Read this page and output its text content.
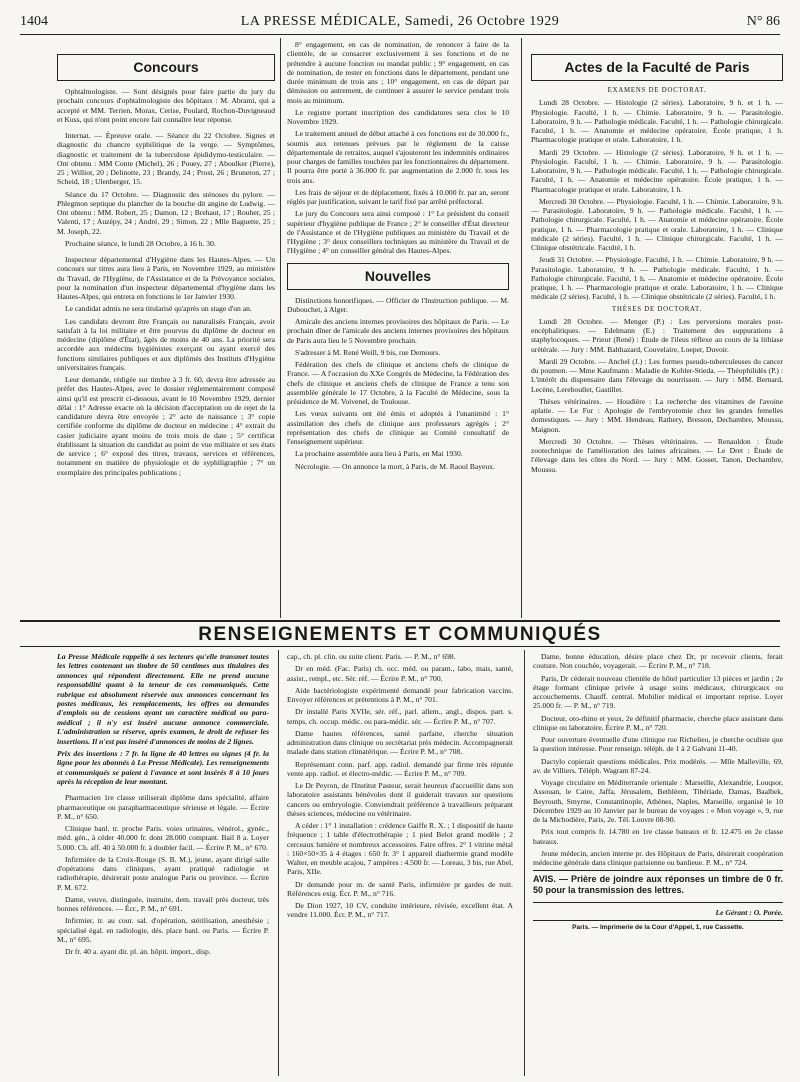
1404	LA PRESSE MÉDICALE, Samedi, 26 Octobre 1929	N° 86
Concours

Ophtalmologiste. — Sont désignés pour faire partie du jury du prochain concours d'ophtalmologiste des hôpitaux : M. Abrami, qui a accepté et MM. Terrien, Morax, Cerise, Poulard, Rochon-Duvigneaud et Kuss, qui n'ont point encore fait connaître leur réponse.

Internat. — Épreuve orale. — Séance du 22 Octobre. Signes et diagnostic du chancre syphilitique de la verge. — Symptômes, diagnostic et traitement de la tuberculose épididymo-testiculaire. — Ont obtenu : MM Conte (Michel), 26 ; Pouey, 27 ; Aboulker (Pierre), 25 ; Williot, 20 ; Delinotte, 23 ; Brandy, 24 ; Prost, 26 ; Bruneton, 27 ; Scheid, 18 ; Ulenberger, 15.

Séance du 17 Octobre. — Diagnostic des sténoses du pylore. — Phlegmon septique du plancher de la bouche dit angine de Ludwig. — Ont obtenu : MM. Robert, 25 ; Damon, 12 ; Brehaut, 17 ; Rouher, 25 ; Valenti, 17 ; Auzépy, 24 ; André, 29 ; Simon, 22 ; Mlle Baguette, 25 ; M. Joseph, 22.

Prochaine séance, le lundi 28 Octobre, à 16 h. 30.

Inspecteur départemental d'Hygiène dans les Hautes-Alpes. — Un concours sur titres aura lieu à Paris, en Novembre 1929, au ministère du Travail, de l'Hygiène, de l'Assistance et de la Prévoyance sociales, pour la nomination d'un inspecteur départemental d'hygiène dans les Hautes-Alpes, qui entrera en fonctions le 1er Janvier 1930.

Le candidat admis ne sera titularisé qu'après un stage d'un an.

Les candidats devront être Français ou naturalisés Français, avoir satisfait à la loi militaire et être pourvus du diplôme de docteur en médecine (diplôme d'État), âgés de moins de 40 ans. La priorité sera accordée aux médecins hygiénistes exerçant ou ayant exercé des fonctions similaires publiques et aux diplômés des Instituts d'Hygiène universitaires français.

Leur demande, rédigée sur timbre à 3 fr. 60, devra être adressée au préfet des Hautes-Alpes, avec le dossier réglementairement composé ainsi qu'il est prescrit ci-dessous, avant le 10 Novembre 1929, dernier délai : 1° Adresse exacte où la décision d'acceptation ou de rejet de la candidature devra être envoyée ; 2° acte de naissance ; 3° copie certifiée conforme du diplôme de docteur en médecine ; 4° extrait du casier judiciaire ayant moins de trois mois de date ; 5° certificat établissant la situation du candidat au point de vue militaire et ses états de service ; 6° exposé des titres, travaux, services et références, notamment en matière de physiologie et de syphiligraphie ; 7° un exemplaire des principales publications ;

8° engagement, en cas de nomination, de renoncer à faire de la clientèle, de se consacrer exclusivement à ses fonctions et de ne prétendre à aucune fonction ou mandat public ; 9° engagement, en cas de nomination, de rester en fonctions dans le département, pendant une durée minimum de trois ans ; 10° engagement, en cas de départ par démission ou autrement, de continuer à assurer le service pendant trois mois au minimum.

Le registre portant inscription des candidatures sera clos le 10 Novembre 1929.

Le traitement annuel de début attaché à ces fonctions est de 30.000 fr., soumis aux retenues prévues par le règlement de la caisse départementale de retraites, auquel s'ajouteront les indemnités ordinaires pour charges de familles touchées par les fonctionnaires du département. Il pourra être porté à 36.000 fr. par augmentation de 2.000 fr. tous les trois ans.

Les frais de séjour et de déplacement, fixés à 10.000 fr. par an, seront réglés par justification, suivant le tarif fixé par arrêté préfectoral.

Le jury du Concours sera ainsi composé : 1° Le président du conseil supérieur d'hygiène publique de France ; 2° le conseiller d'État directeur de l'Assistance et de l'Hygiène publiques au ministère du Travail et de l'Hygiène ; 3° deux conseillers techniques au ministère du Travail et de l'Hygiène ; 4° un conseiller général des Hautes-Alpes.

Nouvelles

Distinctions honorifiques. — Officier de l'Instruction publique. — M. Dubouchet, à Alger.

Amicale des anciens internes provisoires des hôpitaux de Paris. — Le prochain dîner de l'amicale des anciens internes provisoires des hôpitaux de Paris aura lieu le 5 Novembre prochain.

S'adresser à M. René Weill, 9 bis, rue Demours.

Fédération des chefs de clinique et anciens chefs de clinique de France. — A l'occasion du XXe Congrès de Médecine, la Fédération des chefs de clinique et anciens chefs de clinique de France a tenu son assemblée générale le 17 Octobre, à la Faculté de Médecine, sous la présidence de M. Voivenel, de Toulouse.

Les vœux suivants ont été émis et adoptés à l'unanimité : 1° assimilation des chefs de clinique aux professeurs agrégés ; 2° représentation des chefs de clinique au Comité consultatif de l'enseignement supérieur.

La prochaine assemblée aura lieu à Paris, en Mai 1930.

Nécrologie. — On annonce la mort, à Paris, de M. Raoul Bayeux.

Actes de la Faculté de Paris
EXAMENS DE DOCTORAT.

Lundi 28 Octobre. — Histologie (2 séries). Laboratoire, 9 h. et 1 h. — Physiologie. Faculté, 1 h. — Chimie. Laboratoire, 9 h. — Parasitologie. Laboratoire, 9 h. — Pathologie médicale. Faculté, 1 h. — Pathologie chirurgicale. Faculté, 1 h. — Anatomie et médecine opératoire. École pratique, 1 h. Pharmacologie pratique et orale. Laboratoire, 1 h.

Mardi 29 Octobre. — Histologie (2 séries). Laboratoire, 9 h. et 1 h. — Physiologie. Faculté, 1 h. — Chimie. Laboratoire, 9 h. — Parasitologie. Laboratoire, 9 h. — Pathologie médicale. Faculté, 1 h. — Pathologie chirurgicale. Faculté, 1 h. — Anatomie et médecine opératoire. École pratique, 1 h. — Pharmacologie pratique et orale. Laboratoire, 1 h.

Mercredi 30 Octobre. — Physiologie. Faculté, 1 h. — Chimie. Laboratoire, 9 h. — Parasitologie. Laboratoire, 9 h. — Pathologie médicale. Faculté, 1 h. — Pathologie chirurgicale. Faculté, 1 h. — Anatomie et médecine opératoire. École pratique, 1 h. — Pharmacologie pratique et orale. Laboratoire, 1 h. — Clinique médicale (2 séries). Faculté, 1 h. — Clinique chirurgicale. Faculté, 1 h. — Clinique obstétricale. Faculté, 1 h.

Jeudi 31 Octobre. — Physiologie. Faculté, 1 h. — Chimie. Laboratoire, 9 h. — Parasitologie. Laboratoire, 9 h. — Pathologie médicale. Faculté, 1 h. — Pathologie chirurgicale. Faculté, 1 h. — Anatomie et médecine opératoire. École pratique, 1 h. — Pharmacologie pratique et orale. Laboratoire, 1 h. — Clinique médicale (2 séries). Faculté, 1 h. — Clinique obstétricale (2 séries). Faculté, 1 h.

THÈSES DE DOCTORAT.

Lundi 28 Octobre. — Menger (P.) : Les perversions morales post-encéphalitiques. — Edelmann (E.) : Traitement des suppurations à staphylocoques. — Prieur (René) : Étude de l'ileus réflexe au cours de la lithiase urétérale. — Jury : MM. Balthazard, Couvelaire, Loeper, Duvoir.

Mardi 29 Octobre. — Anchel (J.) : Les formes pseudo-tuberculeuses du cancer du poumon. — Mme Kaufmann : Maladie de Kohler-Stieda. — Théophilidès (P.) : L'intérêt du dispensaire dans l'élevage du nourrisson. — Jury : MM. Bernard, Lecène, Lereboullet, Gastillet.

Thèses vétérinaires. — Houdière : La recherche des vitamines de l'avoine aplatie. — Le Fur : Apologie de l'embryotomie chez les grandes femelles domestiques. — Jury : MM. Hendeau, Rathery, Bresson, Dechambre, Moussu, Maignon.

Mercredi 30 Octobre. — Thèses vétérinaires. — Renauldon : Étude zootechnique de l'amélioration des laines africaines. — Le Dret : Étude de l'élevage dans les côtes du Nord. — Jury : MM. Gosset, Tanon, Dechambre, Moussu.

RENSEIGNEMENTS ET COMMUNIQUÉS

La Presse Médicale rappelle à ses lecteurs qu'elle transmet toutes les lettres contenant un timbre de 50 centimes aux titulaires des annonces qui répondent directement. Elle ne prend aucune responsabilité quant à la teneur de ces communiqués. Cette rubrique est absolument réservée aux annonces concernant les postes médicaux, les remplacements, les offres ou demandes d'emplois ou de cessions ayant un caractère médical ou para-médical ; il n'y est inséré aucune annonce commerciale. L'administration se réserve, après examen, le droit de refuser les insertions. Il n'est pas inséré d'annonces de moins de 2 lignes.

Prix des insertions : 7 fr. la ligne de 40 lettres ou signes (4 fr. la ligne pour les abonnés à La Presse Médicale). Les renseignements et communiqués se paient à l'avance et sont insérés 8 à 10 jours après la réception de leur montant.

Pharmacien 1re classe utiliserait diplôme dans spécialité, affaire pharmaceutique ou parapharmaceutique sérieuse et légale. — Écrire P. M., n° 650.

Clinique banl. tr. proche Paris. voies urinaires, vénérol., gynéc., méd. gén., à céder 40.000 fr. dont 28.000 comptant. Bail 8 a. Loyer 5.000. Ch. aff. 40 à 50.000 fr. à doubler facil. — Écrire P. M., n° 670.

Infirmière de la Croix-Rouge (S. B. M.), jeune, ayant dirigé salle d'opérations dans cliniques, ayant pratiqué radiologie et radiothérapie, désirerait poste analogue Paris ou province. — Écrire P. M. 672.

Dame, veuve, distinguée, instruite, dem. travail près docteur, très bonnes références. — Écr., P. M., n° 691.

Infirmier, tr. au cour. sal. d'opération, stérilisation, anesthésie ; spécialisé égal. en radiologie, dés. place banl. ou Paris. — Écrire P. M., n° 695.

Dr fr. 40 a. ayant dir. pl. an. hôpit. import., disp.

cap., ch. pl. clin. ou suite client. Paris. — P. M., n° 698.

Dr en méd. (Fac. Paris) ch. occ. méd. ou param., labo, mais, santé, assist., rempl., etc. Sér. réf. — Écrire P. M., n° 700.

Aide bactériologiste expérimenté demandé pour fabrication vaccins. Envoyer références et prétentions à P. M., n° 701.

Dr installé Paris XVIIe, sér. réf., parl. allem., angl., dispos. part. s. temps, ch. occup. médic. ou para-médic. sér. — Écrire P. M., n° 707.

Dame hautes références, santé parfaite, cherche situation administration dans clinique ou secrétariat près médecin. Accompagnerait malade dans station climatérique. — Écrire P. M., n° 708.

Représentant conn. parf. app. radiol. demandé par firme très réputée vente app. radiol. et électro-médic. — Écrire P. M., n° 709.

Le Dr Peyron, de l'Institut Pasteur, serait heureux d'accueillir dans son laboratoire assistants bénévoles dont il guiderait travaux sur questions cancers ou embryologie. Conviendrait préférence à travailleurs préparant thèses sciences, médecine ou vétérinaire.

A céder : 1° 1 installation : crédence Gaiffe R. X. ; 1 dispositif de haute fréquence ; 1 table d'électrothérapie ; 1 pied Belot grand modèle ; 2 cerceaux lumière et nombreux accessoires. Faire offres. 2° 1 vitrine métal : 160×50×35 à 4 étages : 650 fr. 3° 1 appareil diathermie grand modèle Walter, en meuble acajou, 7 ampères : 4.500 fr. — Loreau, 3 bis, rue Abel, Paris, XIIe.

Dr demande pour m. de santé Paris, infirmière pr gardes de nuit. Références exig. Écr. P. M., n° 716.

De Dion 1927, 10 CV, conduite intérieure, révisée, excellent état. A vendre 11.000. Écr. P. M., n° 717.

Dame, bonne éducation, désire place chez Dr, pr recevoir clients, ferait couture. Non couchée, voyagerait. — Écrire P. M., n° 718.

Paris, Dr céderait nouveau clientèle de hôtel particulier 13 pièces et jardin ; 2e étage formant clinique privée à usage soins médicaux, chirurgicaux ou accouchements. Chauff. central. Mobilier médical et important reprise. Loyer 25.000 fr. — P. M., n° 719.

Docteur, oto-rhino et yeux, 2e définitif pharmacie, cherche place assistant dans clinique ou laboratoire. Écrire P. M., n° 720.

Pour ouverture éventuelle d'une clinique rue Richelieu, je cherche oculiste que la question intéresse. Pour renseign. téléph. de 1 à 2 Galvani 11-40.

Dactylo copierait questions médicales. Prix modérés. — Mlle Malleville, 69, av. de Villiers. Téléph. Wagram 87-24.

Voyage circulaire en Méditerranée orientale : Marseille, Alexandrie, Louqsor, Assouan, le Caire, Jaffa, Jérusalem, Bethléem, Tibériade, Damas, Baalbek, Beyrouth, Smyrne, Constantinople, Athènes, Naples, Marseille, organisé le 10 Décembre 1929 au 10 Janvier par le bureau de voyages : « Mon voyage », 9, rue de la Michodière, Paris, 2e. Tél. Louvre 08-90.

Prix tout compris fr. 14.780 en 1re classe bateaux et fr. 12.475 en 2e classe bateaux.

Jeune médecin, ancien interne pr. des Hôpitaux de Paris, désirerait coopération médecine générale dans clinique parisienne ou banlieue. P. M., n° 724.

AVIS. — Prière de joindre aux réponses un timbre de 0 fr. 50 pour la transmission des lettres.

Le Gérant : O. Porée.
Paris. — Imprimerie de la Cour d'Appel, 1, rue Cassette.
